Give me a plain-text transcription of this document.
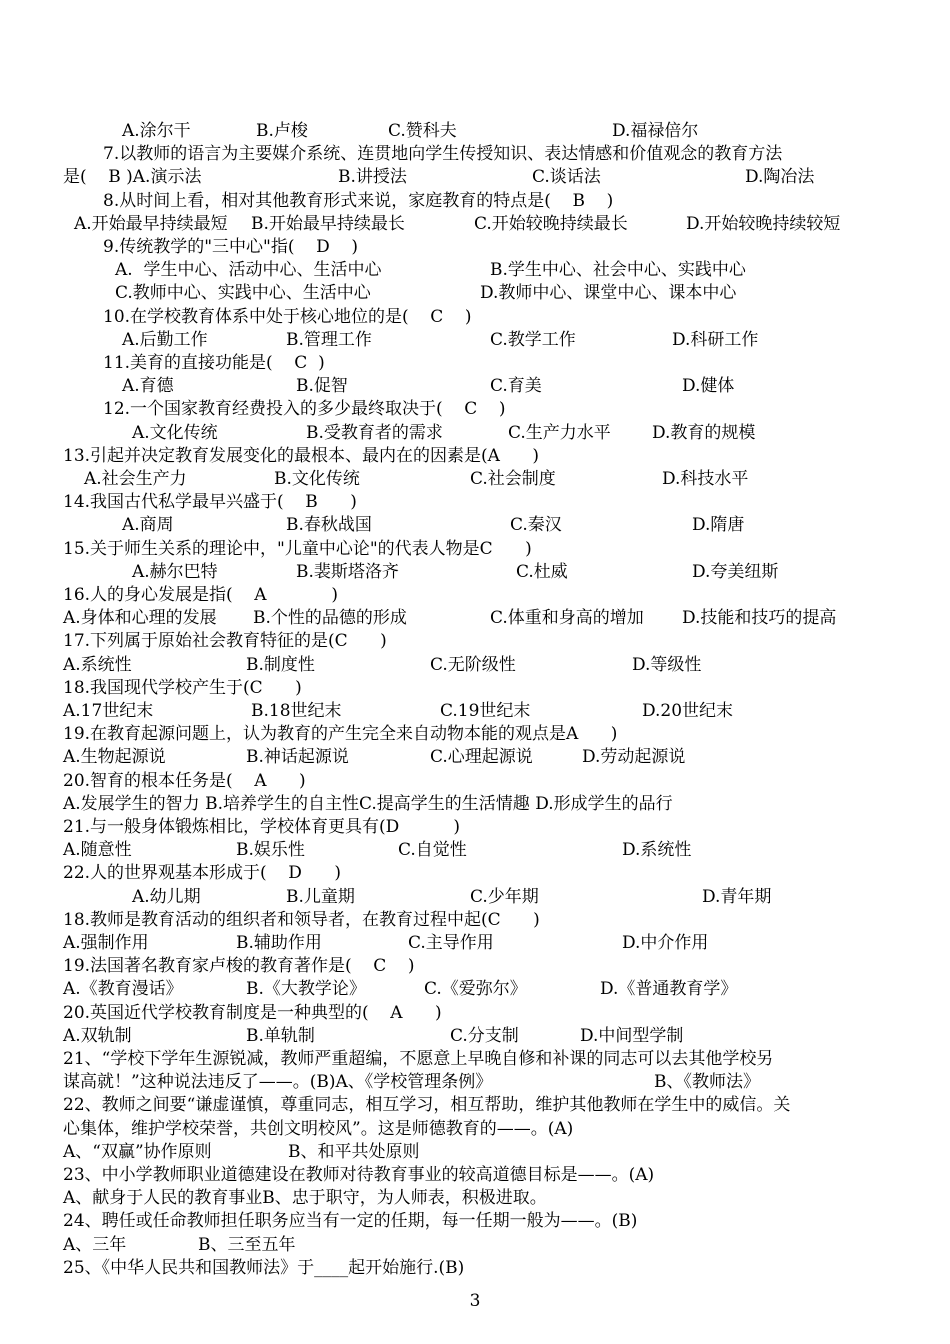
A.涂尔干	B.卢梭	C.赞科夫	D.福禄倍尔
7.以教师的语言为主要媒介系统、连贯地向学生传授知识、表达情感和价值观念的教育方法
是(    B )A.演示法	B.讲授法	C.谈话法	D.陶冶法
8.从时间上看，相对其他教育形式来说，家庭教育的特点是(    B    )
A.开始最早持续最短 B.开始最早持续最长	C.开始较晚持续最长	D.开始较晚持续较短
9.传统教学的"三中心"指(    D    )
A.  学生中心、活动中心、生活中心	B.学生中心、社会中心、实践中心
C.教师中心、实践中心、生活中心	D.教师中心、课堂中心、课本中心
10.在学校教育体系中处于核心地位的是(    C    )
A.后勤工作	B.管理工作	C.教学工作	D.科研工作
11.美育的直接功能是(    C  )
A.育德	B.促智	C.育美	D.健体
12.一个国家教育经费投入的多少最终取决于(    C    )
A.文化传统	B.受教育者的需求	C.生产力水平 D.教育的规模
13.引起并决定教育发展变化的最根本、最内在的因素是(A      )
A.社会生产力	B.文化传统	C.社会制度	D.科技水平
14.我国古代私学最早兴盛于(    B      )
A.商周	B.春秋战国	C.秦汉	D.隋唐
15.关于师生关系的理论中，"儿童中心论"的代表人物是C      )
A.赫尔巴特	B.裴斯塔洛齐	C.杜威	D.夸美纽斯
16.人的身心发展是指(    A            )
A.身体和心理的发展 B.个性的品德的形成	C.体重和身高的增加 D.技能和技巧的提高
17.下列属于原始社会教育特征的是(C      )
A.系统性	B.制度性	C.无阶级性	D.等级性
18.我国现代学校产生于(C      )
A.17世纪末	B.18世纪末	C.19世纪末	D.20世纪末
19.在教育起源问题上，认为教育的产生完全来自动物本能的观点是A      )
A.生物起源说	B.神话起源说	C.心理起源说	D.劳动起源说
20.智育的根本任务是(    A      )
A.发展学生的智力 B.培养学生的自主性C.提高学生的生活情趣 D.形成学生的品行
21.与一般身体锻炼相比，学校体育更具有(D          )
A.随意性	B.娱乐性	C.自觉性	D.系统性
22.人的世界观基本形成于(    D      )
A.幼儿期	B.儿童期	C.少年期	D.青年期
18.教师是教育活动的组织者和领导者，在教育过程中起(C      )
A.强制作用	B.辅助作用	C.主导作用	D.中介作用
19.法国著名教育家卢梭的教育著作是(    C    )
A.《教育漫话》	B.《大教学论》	C.《爱弥尔》	D.《普通教育学》
20.英国近代学校教育制度是一种典型的(    A      )
A.双轨制	B.单轨制	C.分支制	D.中间型学制
21、“学校下学年生源锐减，教师严重超编，不愿意上早晚自修和补课的同志可以去其他学校另
谋高就！”这种说法违反了——。(B)A、《学校管理条例》	B、《教师法》
22、教师之间要“谦虚谨慎，尊重同志，相互学习，相互帮助，维护其他教师在学生中的威信。关
心集体，维护学校荣誉，共创文明校风”。这是师德教育的——。(A)
A、“双赢”协作原则	B、和平共处原则
23、中小学教师职业道德建设在教师对待教育事业的较高道德目标是——。(A)
A、献身于人民的教育事业B、忠于职守，为人师表，积极进取。
24、聘任或任命教师担任职务应当有一定的任期，每一任期一般为——。(B)
A、三年	B、三至五年
25、《中华人民共和国教师法》于____起开始施行.(B)
3
